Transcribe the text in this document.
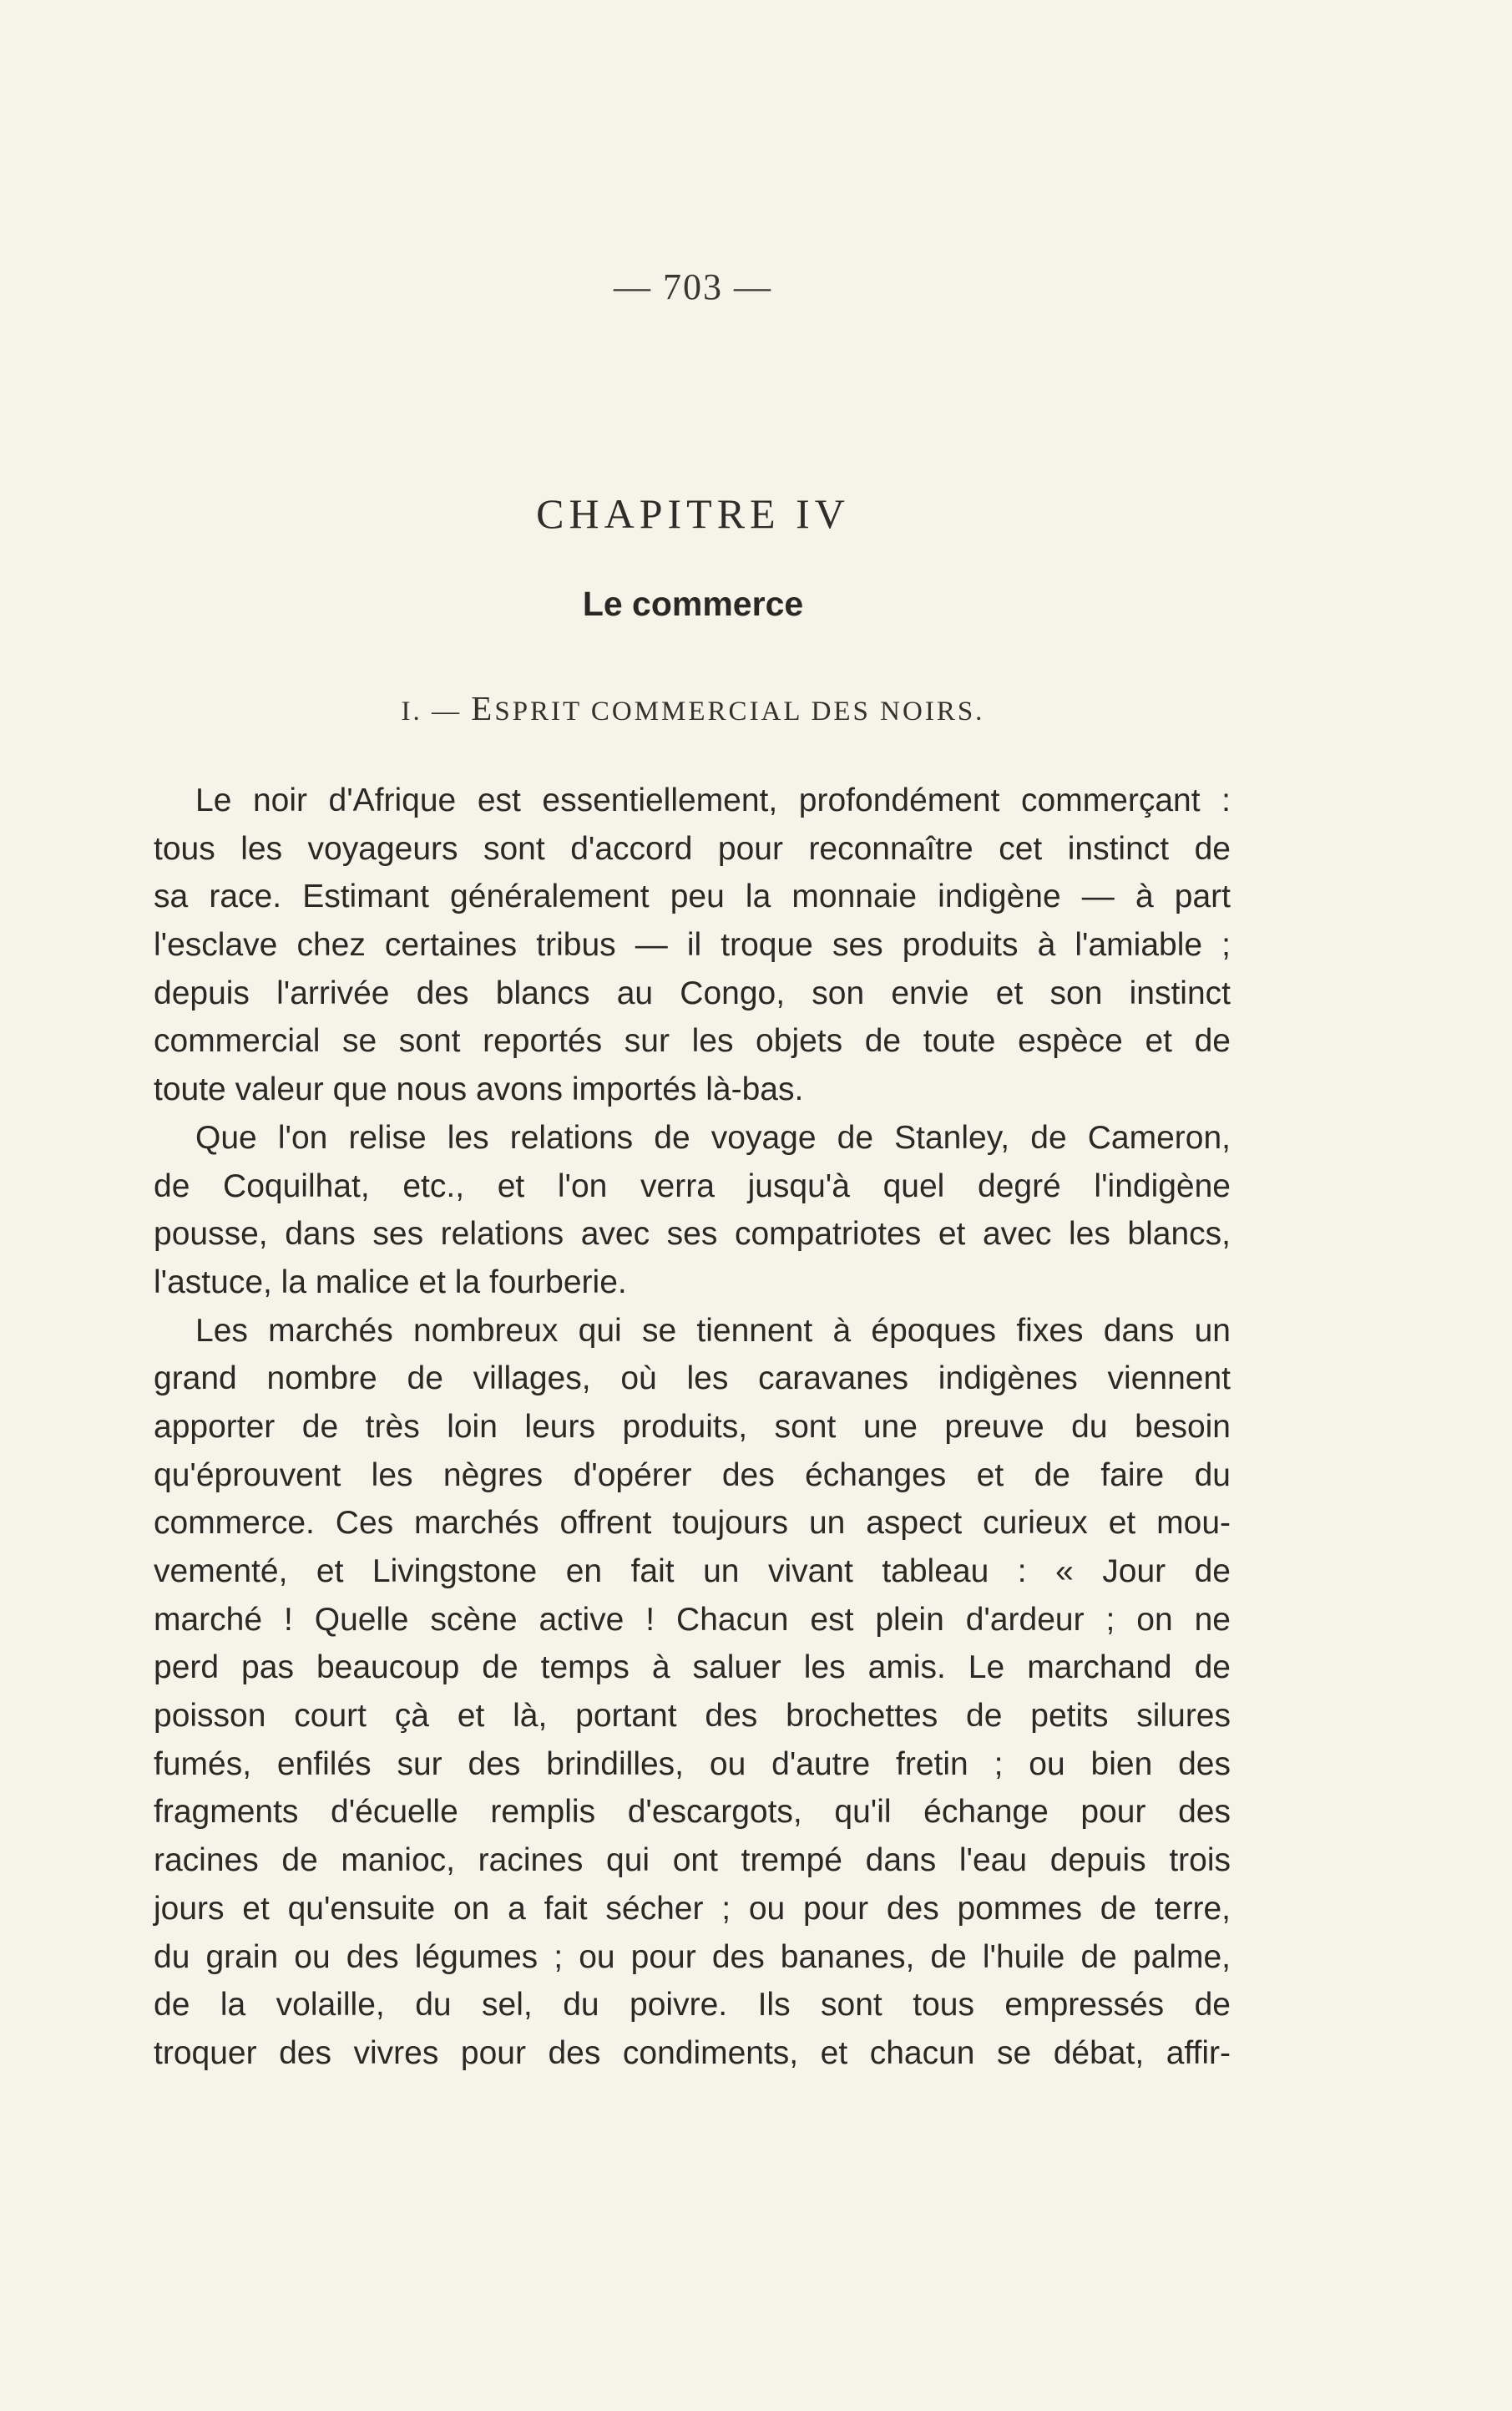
— 703 —
CHAPITRE IV
Le commerce
I. — ESPRIT COMMERCIAL DES NOIRS.
Le noir d'Afrique est essentiellement, profondément commerçant :
tous les voyageurs sont d'accord pour reconnaître cet instinct de
sa race. Estimant généralement peu la monnaie indigène — à part
l'esclave chez certaines tribus — il troque ses produits à l'amiable ;
depuis l'arrivée des blancs au Congo, son envie et son instinct
commercial se sont reportés sur les objets de toute espèce et de
toute valeur que nous avons importés là-bas.
Que l'on relise les relations de voyage de Stanley, de Cameron,
de Coquilhat, etc., et l'on verra jusqu'à quel degré l'indigène
pousse, dans ses relations avec ses compatriotes et avec les blancs,
l'astuce, la malice et la fourberie.
Les marchés nombreux qui se tiennent à époques fixes dans un
grand nombre de villages, où les caravanes indigènes viennent
apporter de très loin leurs produits, sont une preuve du besoin
qu'éprouvent les nègres d'opérer des échanges et de faire du
commerce. Ces marchés offrent toujours un aspect curieux et mou-
vementé, et Livingstone en fait un vivant tableau : « Jour de
marché ! Quelle scène active ! Chacun est plein d'ardeur ; on ne
perd pas beaucoup de temps à saluer les amis. Le marchand de
poisson court çà et là, portant des brochettes de petits silures
fumés, enfilés sur des brindilles, ou d'autre fretin ; ou bien des
fragments d'écuelle remplis d'escargots, qu'il échange pour des
racines de manioc, racines qui ont trempé dans l'eau depuis trois
jours et qu'ensuite on a fait sécher ; ou pour des pommes de terre,
du grain ou des légumes ; ou pour des bananes, de l'huile de palme,
de la volaille, du sel, du poivre. Ils sont tous empressés de
troquer des vivres pour des condiments, et chacun se débat, affir-
